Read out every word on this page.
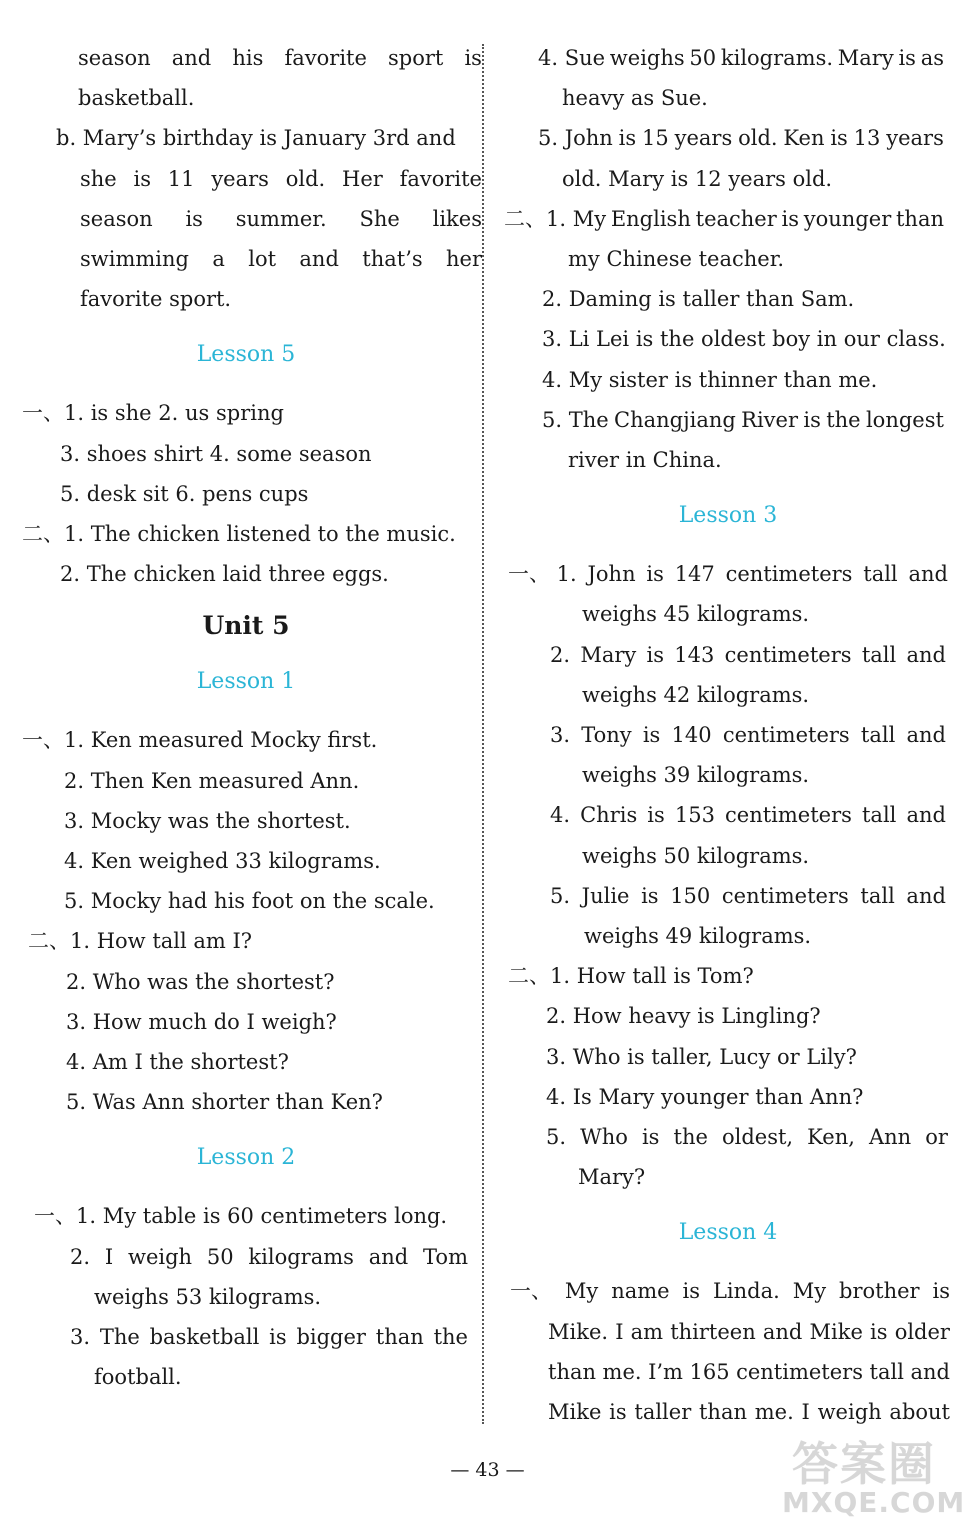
season and his favorite sport is
basketball.
b. Mary’s birthday is January 3rd and
she is 11 years old. Her favorite
season is summer. She likes
swimming a lot and that’s her
favorite sport.
Lesson 5
一、1. is she 2. us spring
3. shoes shirt 4. some season
5. desk sit 6. pens cups
二、1. The chicken listened to the music.
2. The chicken laid three eggs.
Unit 5
Lesson 1
一、1. Ken measured Mocky first.
2. Then Ken measured Ann.
3. Mocky was the shortest.
4. Ken weighed 33 kilograms.
5. Mocky had his foot on the scale.
二、1. How tall am I?
2. Who was the shortest?
3. How much do I weigh?
4. Am I the shortest?
5. Was Ann shorter than Ken?
Lesson 2
一、1. My table is 60 centimeters long.
2. I weigh 50 kilograms and Tom
weighs 53 kilograms.
3. The basketball is bigger than the
football.
4. Sue weighs 50 kilograms. Mary is as
heavy as Sue.
5. John is 15 years old. Ken is 13 years
old. Mary is 12 years old.
二、1. My English teacher is younger than
my Chinese teacher.
2. Daming is taller than Sam.
3. Li Lei is the oldest boy in our class.
4. My sister is thinner than me.
5. The Changjiang River is the longest
river in China.
Lesson 3
一、 1. John is 147 centimeters tall and
weighs 45 kilograms.
2. Mary is 143 centimeters tall and
weighs 42 kilograms.
3. Tony is 140 centimeters tall and
weighs 39 kilograms.
4. Chris is 153 centimeters tall and
weighs 50 kilograms.
5. Julie is 150 centimeters tall and
weighs 49 kilograms.
二、1. How tall is Tom?
2. How heavy is Lingling?
3. Who is taller, Lucy or Lily?
4. Is Mary younger than Ann?
5. Who is the oldest, Ken, Ann or
Mary?
Lesson 4
一、 My name is Linda. My brother is
Mike. I am thirteen and Mike is older
than me. I’m 165 centimeters tall and
Mike is taller than me. I weigh about
— 43 —	答案圈
MXQE.COM
